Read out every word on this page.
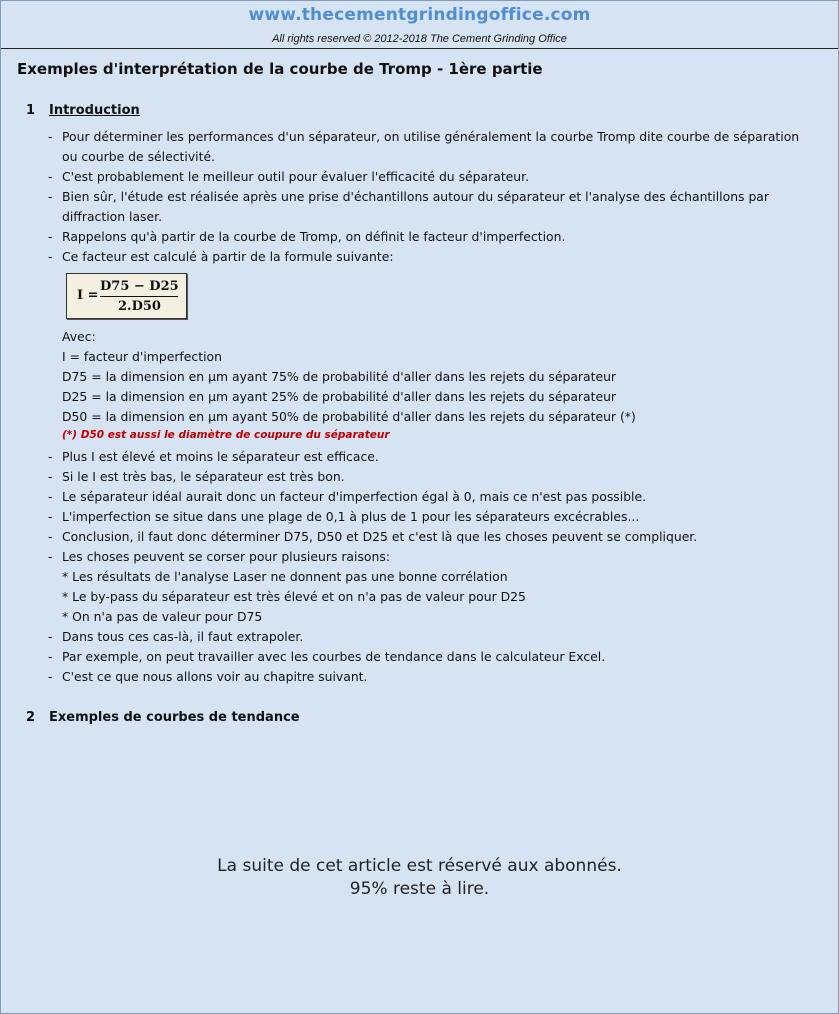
www.thecementgrindingoffice.com
All rights reserved © 2012-2018 The Cement Grinding Office
Exemples d'interprétation de la courbe de Tromp - 1ère partie
1 Introduction
- Pour déterminer les performances d'un séparateur, on utilise généralement la courbe Tromp dite courbe de séparation
ou courbe de sélectivité.
- C'est probablement le meilleur outil pour évaluer l'efficacité du séparateur.
- Bien sûr, l'étude est réalisée après une prise d'échantillons autour du séparateur et l'analyse des échantillons par
diffraction laser.
- Rappelons qu'à partir de la courbe de Tromp, on définit le facteur d'imperfection.
- Ce facteur est calculé à partir de la formule suivante:
I =
D75 − D25
2.D50
Avec:
I = facteur d'imperfection
D75 = la dimension en µm ayant 75% de probabilité d'aller dans les rejets du séparateur
D25 = la dimension en µm ayant 25% de probabilité d'aller dans les rejets du séparateur
D50 = la dimension en µm ayant 50% de probabilité d'aller dans les rejets du séparateur (*)
(*) D50 est aussi le diamètre de coupure du séparateur
- Plus I est élevé et moins le séparateur est efficace.
- Si le I est très bas, le séparateur est très bon.
- Le séparateur idéal aurait donc un facteur d'imperfection égal à 0, mais ce n'est pas possible.
- L'imperfection se situe dans une plage de 0,1 à plus de 1 pour les séparateurs excécrables...
- Conclusion, il faut donc déterminer D75, D50 et D25 et c'est là que les choses peuvent se compliquer.
- Les choses peuvent se corser pour plusieurs raisons:
* Les résultats de l'analyse Laser ne donnent pas une bonne corrélation
* Le by-pass du séparateur est très élevé et on n'a pas de valeur pour D25
* On n'a pas de valeur pour D75
- Dans tous ces cas-là, il faut extrapoler.
- Par exemple, on peut travailler avec les courbes de tendance dans le calculateur Excel.
- C'est ce que nous allons voir au chapitre suivant.
2 Exemples de courbes de tendance
La suite de cet article est réservé aux abonnés.
95% reste à lire.
